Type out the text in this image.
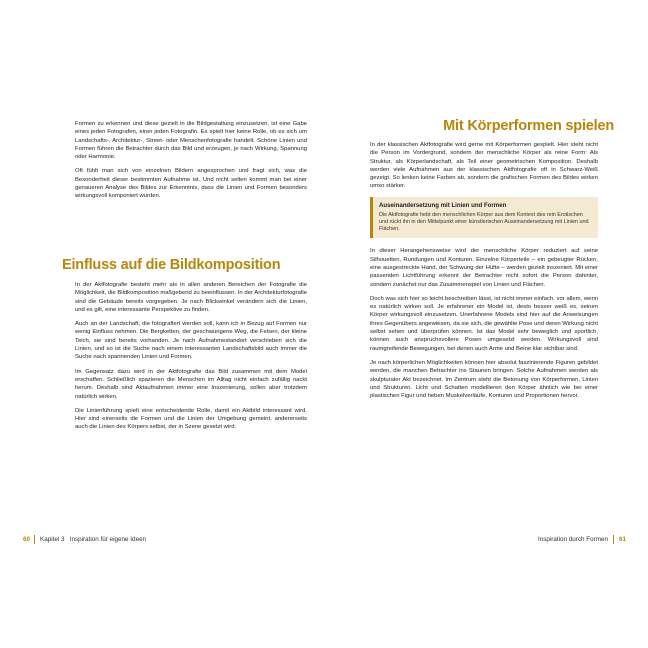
Formen zu erkennen und diese gezielt in die Bildgestaltung einzusetzen, ist eine Gabe eines jeden Fotografen, einer jeden Fotografin. Es spielt hier keine Rolle, ob es sich um Landschafts-, Architektur-, Street- oder Menschenfotografie handelt. Schöne Linien und Formen führen die Betrachter durch das Bild und erzeugen, je nach Wirkung, Spannung oder Harmonie.

Oft fühlt man sich von einzelnen Bildern angesprochen und fragt sich, was die Besonderheit dieser bestimmten Aufnahme ist. Und nicht selten kommt man bei einer genaueren Analyse des Bildes zur Erkenntnis, dass die Linien und Formen besonders wirkungsvoll komponiert wurden.

Einfluss auf die Bildkomposition

In der Aktfotografie besteht mehr als in allen anderen Bereichen der Fotografie die Möglichkeit, die Bildkomposition maßgebend zu beeinflussen. In der Architekturfotografie sind die Gebäude bereits vorgegeben. Je nach Blickwinkel verändern sich die Linien, und es gilt, eine interessante Perspektive zu finden.

Auch an der Landschaft, die fotografiert werden soll, kann ich in Bezug auf Formen nur wenig Einfluss nehmen. Die Bergketten, der geschwungene Weg, die Felsen, der kleine Teich, sie sind bereits vorhanden. Je nach Aufnahmestandort verschieben sich die Linien, und so ist die Suche nach einem interessanten Landschaftsbild auch immer die Suche nach spannenden Linien und Formen.

Im Gegensatz dazu wird in der Aktfotografie das Bild zusammen mit dem Model erschaffen. Schließlich spazieren die Menschen im Alltag nicht einfach zufällig nackt herum. Deshalb sind Aktaufnahmen immer eine Inszenierung, sollen aber trotzdem natürlich wirken.

Die Linienführung spielt eine entscheidende Rolle, damit ein Aktbild interessant wird. Hier sind einerseits die Formen und die Linien der Umgebung gemeint, andererseits auch die Linien des Körpers selbst, der in Szene gesetzt wird.

60 Kapitel 3   Inspiration für eigene Ideen
Mit Körperformen spielen

In der klassischen Aktfotografie wird gerne mit Körperformen gespielt. Hier steht nicht die Person im Vordergrund, sondern der menschliche Körper als reine Form: Als Struktur, als Körperlandschaft, als Teil einer geometrischen Komposition. Deshalb werden viele Aufnahmen aus der klassischen Aktfotografie oft in Schwarz-Weiß gezeigt. So lenken keine Farben ab, sondern die grafischen Formen des Bildes wirken umso stärker.

Auseinandersetzung mit Linien und Formen

Die Aktfotografie hebt den menschlichen Körper aus dem Kontext des rein Erotischen und rückt ihn in den Mittelpunkt einer künstlerischen Auseinandersetzung mit Linien und Flächen.

In dieser Herangehensweise wird der menschliche Körper reduziert auf seine Silhouetten, Rundungen und Konturen. Einzelne Körperteile – ein gebeugter Rücken, eine ausgestreckte Hand, der Schwung der Hüfte – werden gezielt inszeniert. Mit einer passenden Lichtführung erkennt der Betrachter nicht sofort die Person dahinter, sondern zunächst nur das Zusammenspiel von Linien und Flächen.

Doch was sich hier so leicht beschreiben lässt, ist nicht immer einfach, vor allem, wenn es natürlich wirken soll. Je erfahrener ein Model ist, desto besser weiß es, seinen Körper wirkungsvoll einzusetzen. Unerfahrene Models sind hier auf die Anweisungen ihres Gegenübers angewiesen, da sie sich, die gewählte Pose und deren Wirkung nicht selbst sehen und überprüfen können. Ist das Model sehr beweglich und sportlich, können auch anspruchsvollere Posen umgesetzt werden. Wirkungsvoll sind raumgreifende Bewegungen, bei denen auch Arme und Beine klar sichtbar sind.

Je nach körperlichen Möglichkeiten können hier absolut faszinierende Figuren gebildet werden, die manchen Betrachter ins Staunen bringen. Solche Aufnahmen werden als skulpturaler Akt bezeichnet. Im Zentrum steht die Betonung von Körperformen, Linien und Strukturen. Licht und Schatten modellieren den Körper ähnlich wie bei einer plastischen Figur und heben Muskelverläufe, Konturen und Proportionen hervor.

Inspiration durch Formen 61
